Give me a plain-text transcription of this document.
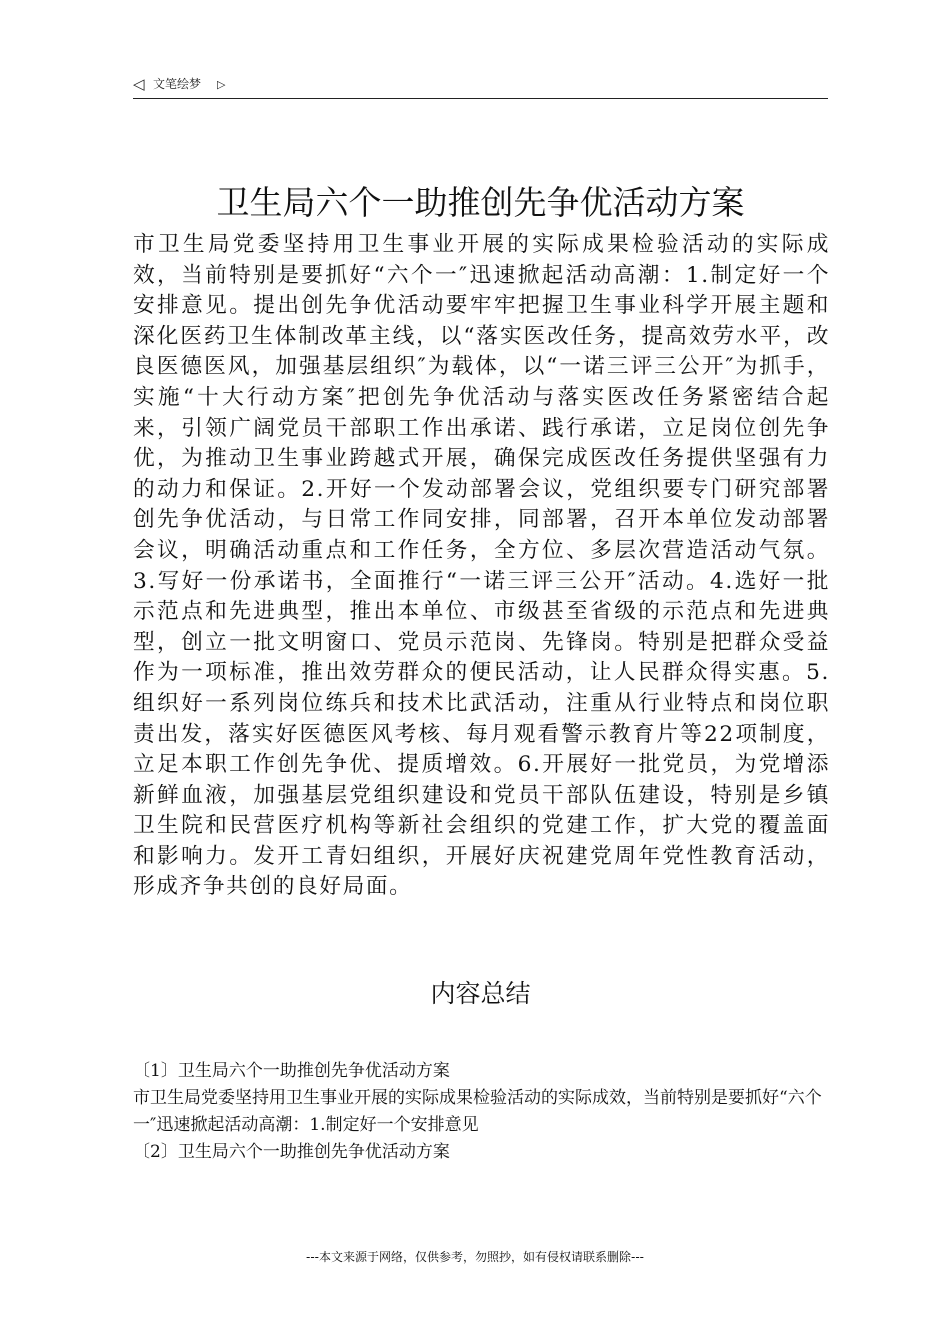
◁ 文笔绘梦 ▷
卫生局六个一助推创先争优活动方案

市卫生局党委坚持用卫生事业开展的实际成果检验活动的实际成效，当前特别是要抓好“六个一″迅速掀起活动高潮：1.制定好一个安排意见。提出创先争优活动要牢牢把握卫生事业科学开展主题和深化医药卫生体制改革主线，以“落实医改任务，提高效劳水平，改良医德医风，加强基层组织″为载体，以“一诺三评三公开″为抓手，实施“十大行动方案″把创先争优活动与落实医改任务紧密结合起来，引领广阔党员干部职工作出承诺、践行承诺，立足岗位创先争优，为推动卫生事业跨越式开展，确保完成医改任务提供坚强有力的动力和保证。2.开好一个发动部署会议，党组织要专门研究部署创先争优活动，与日常工作同安排，同部署，召开本单位发动部署会议，明确活动重点和工作任务，全方位、多层次营造活动气氛。3.写好一份承诺书，全面推行“一诺三评三公开″活动。4.选好一批示范点和先进典型，推出本单位、市级甚至省级的示范点和先进典型，创立一批文明窗口、党员示范岗、先锋岗。特别是把群众受益作为一项标准，推出效劳群众的便民活动，让人民群众得实惠。5.组织好一系列岗位练兵和技术比武活动，注重从行业特点和岗位职责出发，落实好医德医风考核、每月观看警示教育片等22项制度，立足本职工作创先争优、提质增效。6.开展好一批党员，为党增添新鲜血液，加强基层党组织建设和党员干部队伍建设，特别是乡镇卫生院和民营医疗机构等新社会组织的党建工作，扩大党的覆盖面和影响力。发开工青妇组织，开展好庆祝建党周年党性教育活动，形成齐争共创的良好局面。

内容总结

〔1〕卫生局六个一助推创先争优活动方案

市卫生局党委坚持用卫生事业开展的实际成果检验活动的实际成效，当前特别是要抓好“六个一″迅速掀起活动高潮：1.制定好一个安排意见

〔2〕卫生局六个一助推创先争优活动方案

---本文来源于网络，仅供参考，勿照抄，如有侵权请联系删除---
